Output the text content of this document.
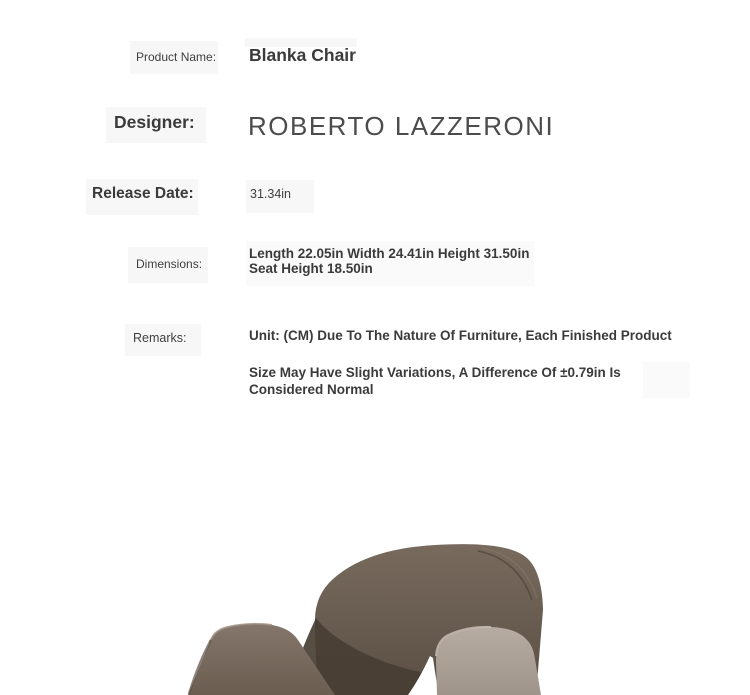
Product Name: Blanka Chair
Designer: ROBERTO LAZZERONI
Release Date:	31.34in
Dimensions:
Length 22.05in Width 24.41in Height 31.50in
Seat Height 18.50in
Remarks:	Unit: (CM) Due To The Nature Of Furniture, Each Finished Product
Size May Have Slight Variations, A Difference Of ±0.79in Is
Considered Normal
